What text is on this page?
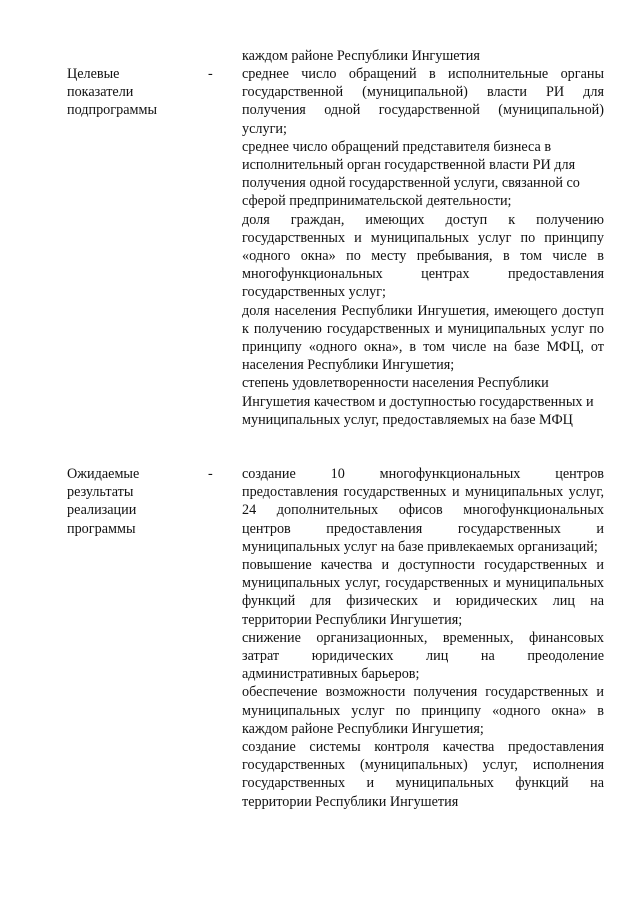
каждом районе Республики Ингушетия

Целевые показатели подпрограммы
- среднее число обращений в исполнительные органы государственной (муниципальной) власти РИ для получения одной государственной (муниципальной) услуги;

среднее число обращений представителя бизнеса в исполнительный орган государственной власти РИ для получения одной государственной услуги, связанной со сферой предпринимательской деятельности;

доля граждан, имеющих доступ к получению государственных и муниципальных услуг по принципу «одного окна» по месту пребывания, в том числе в многофункциональных центрах предоставления государственных услуг;

доля населения Республики Ингушетия, имеющего доступ к получению государственных и муниципальных услуг по принципу «одного окна», в том числе на базе МФЦ, от населения Республики Ингушетия;

степень удовлетворенности населения Республики Ингушетия качеством и доступностью государственных и муниципальных услуг, предоставляемых на базе МФЦ

Ожидаемые результаты реализации программы
- создание 10 многофункциональных центров предоставления государственных и муниципальных услуг, 24 дополнительных офисов многофункциональных центров предоставления государственных и муниципальных услуг на базе привлекаемых организаций;

повышение качества и доступности государственных и муниципальных услуг, государственных и муниципальных функций для физических и юридических лиц на территории Республики Ингушетия;

снижение организационных, временных, финансовых затрат юридических лиц на преодоление административных барьеров;

обеспечение возможности получения государственных и муниципальных услуг по принципу «одного окна» в каждом районе Республики Ингушетия;

создание системы контроля качества предоставления государственных (муниципальных) услуг, исполнения государственных и муниципальных функций на территории Республики Ингушетия
